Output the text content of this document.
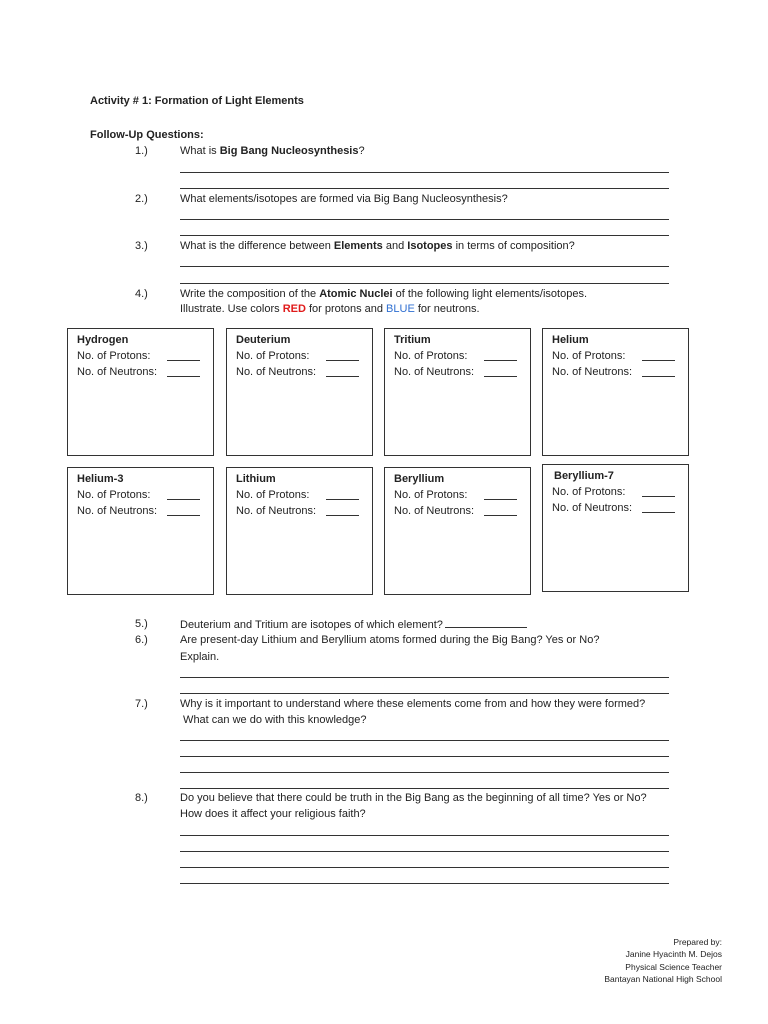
Activity # 1: Formation of Light Elements
Follow-Up Questions:
1.)	What is Big Bang Nucleosynthesis?
2.)	What elements/isotopes are formed via Big Bang Nucleosynthesis?
3.)	What is the difference between Elements and Isotopes in terms of composition?
4.)	Write the composition of the Atomic Nuclei of the following light elements/isotopes.
Illustrate. Use colors RED for protons and BLUE for neutrons.
Hydrogen
No. of Protons:
No. of Neutrons:
Deuterium
No. of Protons:
No. of Neutrons:
Tritium
No. of Protons:
No. of Neutrons:
Helium
No. of Protons:
No. of Neutrons:
Helium-3
No. of Protons:
No. of Neutrons:
Lithium
No. of Protons:
No. of Neutrons:
Beryllium
No. of Protons:
No. of Neutrons:
Beryllium-7
No. of Protons:
No. of Neutrons:
5.)	Deuterium and Tritium are isotopes of which element?
6.)	Are present-day Lithium and Beryllium atoms formed during the Big Bang? Yes or No?
Explain.
7.)	Why is it important to understand where these elements come from and how they were formed?
What can we do with this knowledge?
8.)	Do you believe that there could be truth in the Big Bang as the beginning of all time? Yes or No?
How does it affect your religious faith?
Prepared by:
Janine Hyacinth M. Dejos
Physical Science Teacher
Bantayan National High School
